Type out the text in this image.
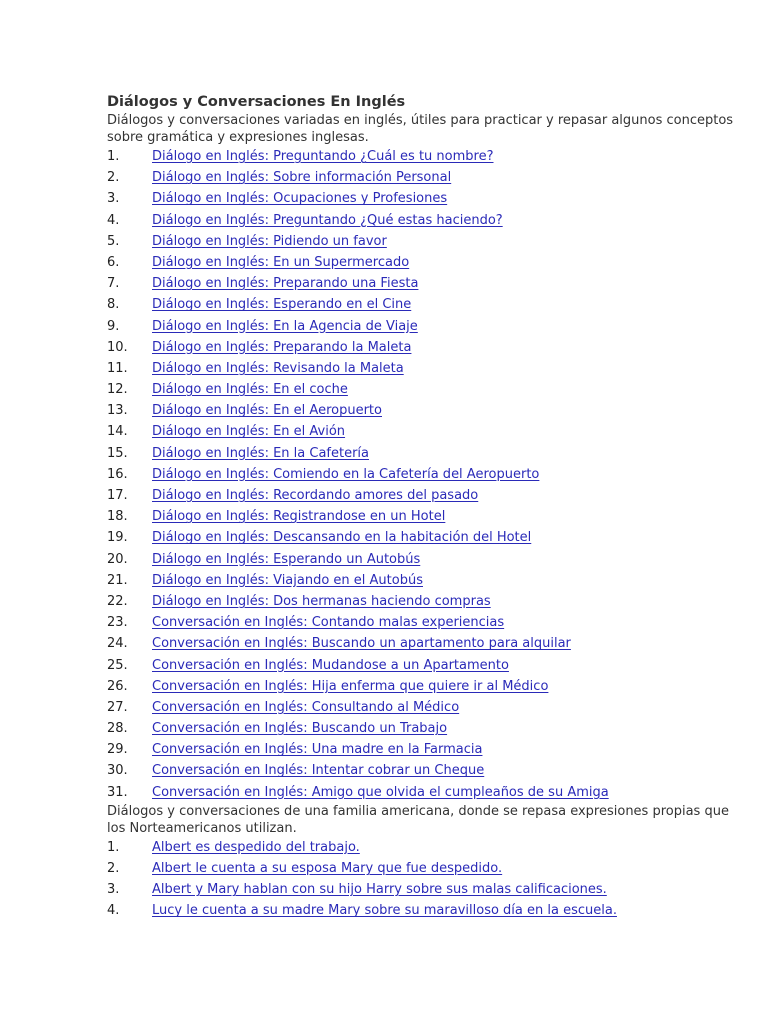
Diálogos y Conversaciones En Inglés

Diálogos y conversaciones variadas en inglés, útiles para practicar y repasar algunos conceptos sobre gramática y expresiones inglesas.

1.	Diálogo en Inglés: Preguntando ¿Cuál es tu nombre?
2.	Diálogo en Inglés: Sobre información Personal
3.	Diálogo en Inglés: Ocupaciones y Profesiones
4.	Diálogo en Inglés: Preguntando ¿Qué estas haciendo?
5.	Diálogo en Inglés: Pidiendo un favor
6.	Diálogo en Inglés: En un Supermercado
7.	Diálogo en Inglés: Preparando una Fiesta
8.	Diálogo en Inglés: Esperando en el Cine
9.	Diálogo en Inglés: En la Agencia de Viaje
10.	Diálogo en Inglés: Preparando la Maleta
11.	Diálogo en Inglés: Revisando la Maleta
12.	Diálogo en Inglés: En el coche
13.	Diálogo en Inglés: En el Aeropuerto
14.	Diálogo en Inglés: En el Avión
15.	Diálogo en Inglés: En la Cafetería
16.	Diálogo en Inglés: Comiendo en la Cafetería del Aeropuerto
17.	Diálogo en Inglés: Recordando amores del pasado
18.	Diálogo en Inglés: Registrandose en un Hotel
19.	Diálogo en Inglés: Descansando en la habitación del Hotel
20.	Diálogo en Inglés: Esperando un Autobús
21.	Diálogo en Inglés: Viajando en el Autobús
22.	Diálogo en Inglés: Dos hermanas haciendo compras
23.	Conversación en Inglés: Contando malas experiencias
24.	Conversación en Inglés: Buscando un apartamento para alquilar
25.	Conversación en Inglés: Mudandose a un Apartamento
26.	Conversación en Inglés: Hija enferma que quiere ir al Médico
27.	Conversación en Inglés: Consultando al Médico
28.	Conversación en Inglés: Buscando un Trabajo
29.	Conversación en Inglés: Una madre en la Farmacia
30.	Conversación en Inglés: Intentar cobrar un Cheque
31.	Conversación en Inglés: Amigo que olvida el cumpleaños de su Amiga

Diálogos y conversaciones de una familia americana, donde se repasa expresiones propias que los Norteamericanos utilizan.

1.	Albert es despedido del trabajo.
2.	Albert le cuenta a su esposa Mary que fue despedido.
3.	Albert y Mary hablan con su hijo Harry sobre sus malas calificaciones.
4.	Lucy le cuenta a su madre Mary sobre su maravilloso día en la escuela.
